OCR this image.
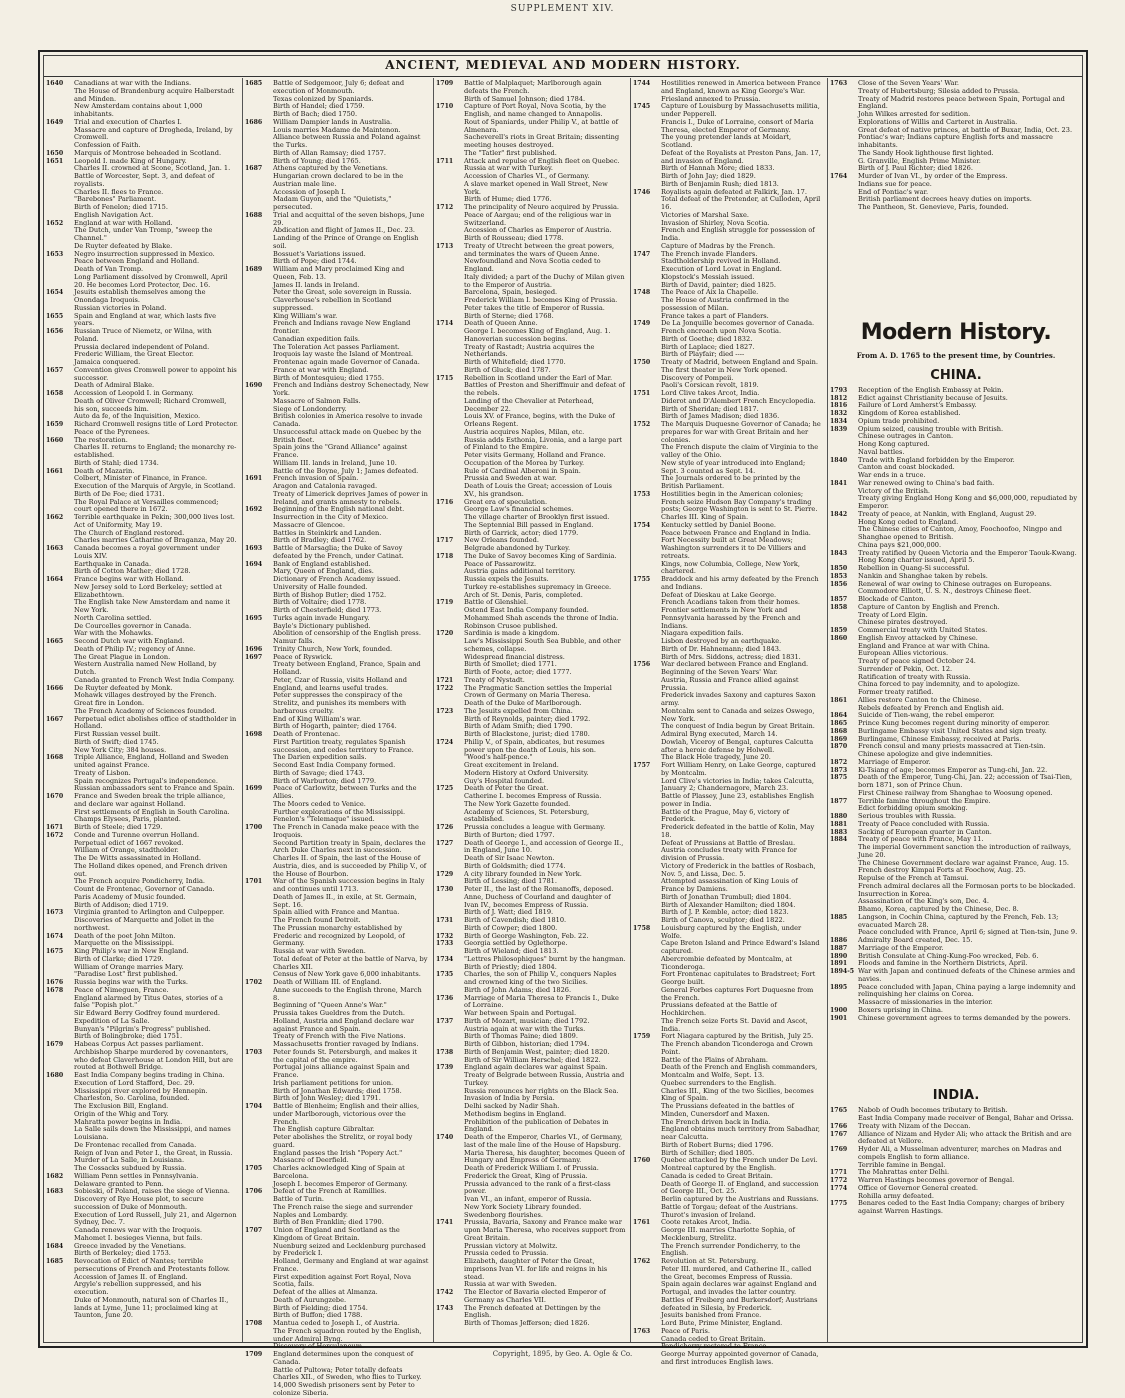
SUPPLEMENT XIV.
ANCIENT, MEDIEVAL AND MODERN HISTORY.
1640	Canadians at war with the Indians.
The House of Brandenburg acquire Halberstadt and Minden.
New Amsterdam contains about 1,000 inhabitants.
1649	Trial and execution of Charles I.
Massacre and capture of Drogheda, Ireland, by Cromwell.
Confession of Faith.
1650	Marquis of Montrose beheaded in Scotland.
1651	Leopold I. made King of Hungary.
Charles II. crowned at Scone, Scotland, Jan. 1.
Battle of Worcester, Sept. 3, and defeat of royalists.
Charles II. flees to France.
"Barebones" Parliament.
Birth of Fenelon; died 1715.
English Navigation Act.
1652	England at war with Holland.
The Dutch, under Van Tromp, "sweep the Channel."
De Ruyter defeated by Blake.
1653	Negro insurrection suppressed in Mexico.
Peace between England and Holland.
Death of Van Tromp.
Long Parliament dissolved by Cromwell, April 20. He becomes Lord Protector, Dec. 16.
1654	Jesuits establish themselves among the Onondaga Iroquois.
Russian victories in Poland.
1655	Spain and England at war, which lasts five years.
1656	Russian Truce of Niemetz, or Wilna, with Poland.
Prussia declared independent of Poland.
Frederic William, the Great Elector.
Jamaica conquered.
1657	Convention gives Cromwell power to appoint his successor.
Death of Admiral Blake.
1658	Accession of Leopold I. in Germany.
Death of Oliver Cromwell; Richard Cromwell, his son, succeeds him.
Auto da fe, of the Inquisition, Mexico.
1659	Richard Cromwell resigns title of Lord Protector.
Peace of the Pyrenees.
1660	The restoration.
Charles II. returns to England; the monarchy re-established.
Birth of Stahl; died 1734.
1661	Death of Mazarin.
Colbert, Minister of Finance, in France.
Execution of the Marquis of Argyle, in Scotland.
Birth of De Foe; died 1731.
The Royal Palace at Versailles commenced; court opened there in 1672.
1662	Terrible earthquake in Pekin; 300,000 lives lost.
Act of Uniformity, May 19.
The Church of England restored.
Charles marries Catharine of Braganza, May 20.
1663	Canada becomes a royal government under Louis XIV.
Earthquake in Canada.
Birth of Cotton Mather; died 1728.
1664	France begins war with Holland.
New Jersey sold to Lord Berkeley; settled at Elizabethtown.
The English take New Amsterdam and name it New York.
North Carolina settled.
De Courcelles governor in Canada.
War with the Mohawks.
1665	Second Dutch war with England.
Death of Philip IV.; regency of Anne.
The Great Plague in London.
Western Australia named New Holland, by Dutch.
Canada granted to French West India Company.
1666	De Ruyter defeated by Monk.
Mohawk villages destroyed by the French.
Great fire in London.
The French Academy of Sciences founded.
1667	Perpetual edict abolishes office of stadtholder in Holland.
First Russian vessel built.
Birth of Swift; died 1745.
New York City; 384 houses.
1668	Triple Alliance, England, Holland and Sweden united against France.
Treaty of Lisbon.
Spain recognizes Portugal's independence.
Russian ambassadors sent to France and Spain.
1670	France and Sweden break the triple alliance, and declare war against Holland.
First settlements of English in South Carolina.
Champs Elysees, Paris, planted.
1671	Birth of Steele; died 1729.
1672	Conde and Turenne overrun Holland.
Perpetual edict of 1667 revoked.
William of Orange, stadtholder.
The De Witts assassinated in Holland.
The Holland dikes opened, and French driven out.
The French acquire Pondicherry, India.
Count de Frontenac, Governor of Canada.
Paris Academy of Music founded.
Birth of Addison; died 1719.
1673	Virginia granted to Arlington and Culpepper.
Discoveries of Marquette and Joliet in the northwest.
1674	Death of the poet John Milton.
Marquette on the Mississippi.
1675	King Philip's war in New England.
Birth of Clarke; died 1729.
William of Orange marries Mary.
"Paradise Lost" first published.
1676	Russia begins war with the Turks.
1678	Peace of Nimeguen, France.
England alarmed by Titus Oates, stories of a false "Popish plot."
Sir Edward Berry Godfrey found murdered.
Expedition of La Salle.
Bunyan's "Pilgrim's Progress" published.
Birth of Bolingbroke; died 1751.
1679	Habeas Corpus Act passes parliament.
Archbishop Sharpe murdered by covenanters, who defeat Claverhouse at London Hill, but are routed at Bothwell Bridge.
1680	East India Company begins trading in China.
Execution of Lord Stafford, Dec. 29.
Mississippi river explored by Hennepin.
Charleston, So. Carolina, founded.
The Exclusion Bill, England.
Origin of the Whig and Tory.
Mahratta power begins in India.
La Salle sails down the Mississippi, and names Louisiana.
De Frontenac recalled from Canada.
Reign of Ivan and Peter I., the Great, in Russia.
Murder of La Salle, in Louisiana.
The Cossacks subdued by Russia.
1682	William Penn settles in Pennsylvania.
Delaware granted to Penn.
1683	Sobieski, of Poland, raises the siege of Vienna.
Discovery of Rye House plot, to secure succession of Duke of Monmouth.
Execution of Lord Russell, July 21, and Algernon Sydney, Dec. 7.
Canada renews war with the Iroquois.
Mahomet I. besieges Vienna, but fails.
1684	Greece invaded by the Venetians.
Birth of Berkeley; died 1753.
1685	Revocation of Edict of Nantes; terrible persecutions of French and Protestants follow.
Accession of James II. of England.
Argyle's rebellion suppressed, and his execution.
Duke of Monmouth, natural son of Charles II., lands at Lyme, June 11; proclaimed king at Taunton, June 20.
1685	Battle of Sedgemoor, July 6; defeat and execution of Monmouth.
Texas colonized by Spaniards.
Birth of Handel; died 1759.
Birth of Bach; died 1750.
1686	William Dampier lands in Australia.
Louis marries Madame de Maintenon.
Alliance between Russia and Poland against the Turks.
Birth of Allan Ramsay; died 1757.
Birth of Young; died 1765.
1687	Athens captured by the Venetians.
Hungarian crown declared to be in the Austrian male line.
Accession of Joseph I.
Madam Guyon, and the "Quietists," persecuted.
1688	Trial and acquittal of the seven bishops, June 29.
Abdication and flight of James II., Dec. 23.
Landing of the Prince of Orange on English soil.
Bossuet's Variations issued.
Birth of Pope; died 1744.
1689	William and Mary proclaimed King and Queen, Feb. 13.
James II. lands in Ireland.
Peter the Great, sole sovereign in Russia.
Claverhouse's rebellion in Scotland suppressed.
King William's war.
French and Indians ravage New England frontier.
Canadian expedition fails.
The Toleration Act passes Parliament.
Iroquois lay waste the Island of Montreal.
Frontenac again made Governor of Canada.
France at war with England.
Birth of Montesquieu; died 1755.
1690	French and Indians destroy Schenectady, New York.
Massacre of Salmon Falls.
Siege of Londonderry.
British colonies in America resolve to invade Canada.
Unsuccessful attack made on Quebec by the British fleet.
Spain joins the "Grand Alliance" against France.
William III. lands in Ireland, June 10.
Battle of the Boyne, July 1; James defeated.
1691	French invasion of Spain.
Aragon and Catalonia ravaged.
Treaty of Limerick deprives James of power in Ireland, and grants amnesty to rebels.
1692	Beginning of the English national debt.
Insurrection in the City of Mexico.
Massacre of Glencoe.
Battles in Steinkirk and Landen.
Birth of Bradley; died 1762.
1693	Battle of Marsaglia; the Duke of Savoy defeated by the French, under Catinat.
1694	Bank of England established.
Mary, Queen of England, dies.
Dictionary of French Academy issued.
University of Halle founded.
Birth of Bishop Butler; died 1752.
Birth of Voltaire; died 1778.
Birth of Chesterfield; died 1773.
1695	Turks again invade Hungary.
Bayle's Dictionary published.
Abolition of censorship of the English press.
Namur falls.
1696	Trinity Church, New York, founded.
1697	Peace of Ryswick.
Treaty between England, France, Spain and Holland.
Peter, Czar of Russia, visits Holland and England, and learns useful trades.
Peter suppresses the conspiracy of the Strelitz, and punishes its members with barbarous cruelty.
End of King William's war.
Birth of Hogarth, painter; died 1764.
1698	Death of Frontenac.
First Partition treaty, regulates Spanish succession, and cedes territory to France.
The Darien expedition sails.
Second East India Company formed.
Birth of Savage; died 1743.
Birth of Warburton; died 1779.
1699	Peace of Carlowitz, between Turks and the Allies.
The Moors ceded to Venice.
Further explorations of the Mississippi.
Fenelon's "Telemaque" issued.
1700	The French in Canada make peace with the Iroquois.
Second Partition treaty in Spain, declares the Arch Duke Charles next in succession.
Charles II. of Spain, the last of the House of Austria, dies, and is succeeded by Philip V., of the House of Bourbon.
1701	War of the Spanish succession begins in Italy and continues until 1713.
Death of James II., in exile, at St. Germain, Sept. 16.
Spain allied with France and Mantua.
The French found Detroit.
The Prussian monarchy established by Frederic and recognized by Leopold, of Germany.
Russia at war with Sweden.
Total defeat of Peter at the battle of Narva, by Charles XII.
Census of New York gave 6,000 inhabitants.
1702	Death of William III. of England.
Anne succeeds to the English throne, March 8.
Beginning of "Queen Anne's War."
Prussia takes Gueldres from the Dutch.
Holland, Austria and England declare war against France and Spain.
Treaty of French with the Five Nations.
Massachusetts frontier ravaged by Indians.
1703	Peter founds St. Petersburgh, and makes it the capital of the empire.
Portugal joins alliance against Spain and France.
Irish parliament petitions for union.
Birth of Jonathan Edwards; died 1758.
Birth of John Wesley; died 1791.
1704	Battle of Blenheim; English and their allies, under Marlborough, victorious over the French.
The English capture Gibraltar.
Peter abolishes the Strelitz, or royal body guard.
England passes the Irish "Popery Act."
Massacre of Deerfield.
1705	Charles acknowledged King of Spain at Barcelona.
Joseph I. becomes Emperor of Germany.
1706	Defeat of the French at Ramillies.
Battle of Turin.
The French raise the siege and surrender Naples and Lombardy.
Birth of Ben Franklin; died 1790.
1707	Union of England and Scotland as the Kingdom of Great Britain.
Nuenburg seized and Lecklenburg purchased by Frederick I.
Holland, Germany and England at war against France.
First expedition against Fort Royal, Nova Scotia, fails.
Defeat of the allies at Almanza.
Death of Aurungzebe.
Birth of Fielding; died 1754.
Birth of Buffon; died 1788.
1708	Mantua ceded to Joseph I., of Austria.
The French squadron routed by the English, under Admiral Byng.
Discovery of Herculaneum.
1709	England determines upon the conquest of Canada.
Battle of Pultowa; Peter totally defeats Charles XII., of Sweden, who flies to Turkey.
14,000 Swedish prisoners sent by Peter to colonize Siberia.
1709	Battle of Malplaquet; Marlborough again defeats the French.
Birth of Samuel Johnson; died 1784.
1710	Capture of Port Royal, Nova Scotia, by the English, and name changed to Annapolis.
Rout of Spaniards, under Philip V., at battle of Almenara.
Sacheverell's riots in Great Britain; dissenting meeting houses destroyed.
The "Tatler" first published.
1711	Attack and repulse of English fleet on Quebec.
Russia at war with Turkey.
Accession of Charles VI., of Germany.
A slave market opened in Wall Street, New York.
Birth of Hume; died 1776.
1712	The principality of Neuro acquired by Prussia.
Peace of Aargau; end of the religious war in Switzerland.
Accession of Charles as Emperor of Austria.
Birth of Rousseau; died 1778.
1713	Treaty of Utrecht between the great powers, and terminates the wars of Queen Anne.
Newfoundland and Nova Scotia ceded to England.
Italy divided; a part of the Duchy of Milan given to the Emperor of Austria.
Barcelona, Spain, besieged.
Frederick William I. becomes King of Prussia.
Peter takes the title of Emperor of Russia.
Birth of Sterne; died 1768.
1714	Death of Queen Anne.
George I. becomes King of England, Aug. 1.
Hanoverian succession begins.
Treaty of Rastadt; Austria acquires the Netherlands.
Birth of Whitefield; died 1770.
Birth of Gluck; died 1787.
1715	Rebellion in Scotland under the Earl of Mar.
Battles of Preston and Sheriffmuir and defeat of the rebels.
Landing of the Chevalier at Peterhead, December 22.
Louis XV. of France, begins, with the Duke of Orleans Regent.
Austria acquires Naples, Milan, etc.
Russia adds Esthonia, Livonia, and a large part of Finland to the Empire.
Peter visits Germany, Holland and France.
Occupation of the Morea by Turkey.
Rule of Cardinal Alberoni in Spain.
Prussia and Sweden at war.
Death of Louis the Great; accession of Louis XV., his grandson.
1716	Great era of speculation.
George Law's financial schemes.
The village charter of Brooklyn first issued.
The Septennial Bill passed in England.
Birth of Garrick, actor; died 1779.
1717	New Orleans founded.
Belgrade abandoned by Turkey.
1718	The Duke of Savoy becomes King of Sardinia.
Peace of Passarowitz.
Austria gains additional territory.
Russia expels the Jesuits.
Turkey re-establishes supremacy in Greece.
Arch of St. Denis, Paris, completed.
1719	Battle of Glenshiel.
Ostend East India Company founded.
Mohammed Shah ascends the throne of India.
Robinson Crusoe published.
1720	Sardinia is made a kingdom.
Law's Mississippi South Sea Bubble, and other schemes, collapse.
Widespread financial distress.
Birth of Smollet; died 1771.
Birth of Foote, actor; died 1777.
1721	Treaty of Nystadt.
1722	The Pragmatic Sanction settles the Imperial Crown of Germany on Maria Theresa.
Death of the Duke of Marlborough.
1723	The Jesuits expelled from China.
Birth of Reynolds, painter; died 1792.
Birth of Adam Smith; died 1790.
Birth of Blackstone, jurist; died 1780.
1724	Philip V., of Spain, abdicates, but resumes power upon the death of Louis, his son.
"Wood's half-pence."
Great excitement in Ireland.
Modern History at Oxford University.
Guy's Hospital founded.
1725	Death of Peter the Great.
Catherine I. becomes Empress of Russia.
The New York Gazette founded.
Academy of Sciences, St. Petersburg, established.
1726	Prussia concludes a league with Germany.
Birth of Burton; died 1797.
1727	Death of George I., and accession of George II., in England, June 10.
Death of Sir Isaac Newton.
Birth of Goldsmith; died 1774.
1729	A city library founded in New York.
Birth of Lessing; died 1781.
1730	Peter II., the last of the Romanoffs, deposed.
Anne, Duchess of Courland and daughter of Ivan IV., becomes Empress of Russia.
Birth of J. Watt; died 1819.
1731	Birth of Cavendish; died 1810.
Birth of Cowper; died 1800.
1732	Birth of George Washington, Feb. 22.
1733	Georgia settled by Oglethorpe.
Birth of Wieland; died 1813.
1734	"Lettres Philosophiques" burnt by the hangman.
Birth of Priestly; died 1804.
1735	Charles, the son of Philip V., conquers Naples and crowned king of the two Sicilies.
Birth of John Adams; died 1826.
1736	Marriage of Maria Theresa to Francis I., Duke of Lorraine.
War between Spain and Portugal.
1737	Birth of Mozart, musician; died 1792.
Austria again at war with the Turks.
Birth of Thomas Paine; died 1809.
Birth of Gibbon, historian; died 1794.
1738	Birth of Benjamin West, painter; died 1820.
Birth of Sir William Herschel; died 1822.
1739	England again declares war against Spain.
Treaty of Belgrade between Russia, Austria and Turkey.
Russia renounces her rights on the Black Sea.
Invasion of India by Persia.
Delhi sacked by Nadir Shah.
Methodism begins in England.
Prohibition of the publication of Debates in England.
1740	Death of the Emperor, Charles VI., of Germany, last of the male line of the House of Hapsburg.
Maria Theresa, his daughter, becomes Queen of Hungary and Empress of Germany.
Death of Frederick William I. of Prussia.
Frederick the Great, King of Prussia.
Prussia advanced to the rank of a first-class power.
Ivan VI., an infant, emperor of Russia.
New York Society Library founded.
Swedenborg flourishes.
1741	Prussia, Bavaria, Saxony and France make war upon Maria Theresa, who receives support from Great Britain.
Prussian victory at Molwitz.
Prussia ceded to Prussia.
Elizabeth, daughter of Peter the Great, imprisons Ivan VI. for life and reigns in his stead.
Russia at war with Sweden.
1742	The Elector of Bavaria elected Emperor of Germany as Charles VII.
1743	The French defeated at Dettingen by the English.
Birth of Thomas Jefferson; died 1826.
1744	Hostilities renewed in America between France and England, known as King George's War.
Friesland annexed to Prussia.
1745	Capture of Louisburg by Massachusetts militia, under Pepperell.
Francis I., Duke of Lorraine, consort of Maria Theresa, elected Emperor of Germany.
The young pretender lands at Moidart, Scotland.
Defeat of the Royalists at Preston Pans, Jan. 17, and invasion of England.
Birth of Hannah More; died 1833.
Birth of John Jay; died 1829.
Birth of Benjamin Rush; died 1813.
1746	Royalists again defeated at Falkirk, Jan. 17.
Total defeat of the Pretender, at Culloden, April 16.
Victories of Marshal Saxe.
Invasion of Shirley, Nova Scotia.
French and English struggle for possession of India.
Capture of Madras by the French.
1747	The French invade Flanders.
Stadtholdership revived in Holland.
Execution of Lord Lovat in England.
Klopstock's Messiah issued.
Birth of David, painter; died 1825.
1748	The Peace of Aix la Chapelle.
The House of Austria confirmed in the possession of Milan.
France takes a part of Flanders.
1749	De La Jonquille becomes governor of Canada.
French encroach upon Nova Scotia.
Birth of Goethe; died 1832.
Birth of Laplace; died 1827.
Birth of Playfair; died ----
1750	Treaty of Madrid, between England and Spain.
The first theater in New York opened.
Discovery of Pompeii.
Paoli's Corsican revolt, 1819.
1751	Lord Clive takes Arcot, India.
Diderot and D'Alembert French Encyclopedia.
Birth of Sheridan; died 1817.
Birth of James Madison; died 1836.
1752	The Marquis Duquesne Governor of Canada; he prepares for war with Great Britain and her colonies.
The French dispute the claim of Virginia to the valley of the Ohio.
New style of year introduced into England; Sept. 3 counted as Sept. 14.
The Journals ordered to be printed by the British Parliament.
1753	Hostilities begin in the American colonies; French seize Hudson Bay Company's trading posts; George Washington is sent to St. Pierre.
Charles III. King of Spain.
1754	Kentucky settled by Daniel Boone.
Peace between France and England in India.
Fort Necessity built at Great Meadows; Washington surrenders it to De Villiers and retreats.
Kings, now Columbia, College, New York, chartered.
1755	Braddock and his army defeated by the French and Indians.
Defeat of Dieskau at Lake George.
French Acadians taken from their homes.
Frontier settlements in New York and Pennsylvania harassed by the French and Indians.
Niagara expedition fails.
Lisbon destroyed by an earthquake.
Birth of Dr. Hahnemann; died 1843.
Birth of Mrs. Siddons, actress; died 1831.
1756	War declared between France and England.
Beginning of the Seven Years' War.
Austria, Russia and France allied against Prussia.
Frederick invades Saxony and captures Saxon army.
Montcalm sent to Canada and seizes Oswego, New York.
The conquest of India begun by Great Britain.
Admiral Byng executed, March 14.
Dowlah, Viceroy of Bengal, captures Calcutta after a heroic defense by Holwell.
The Black Hole tragedy, June 20.
1757	Fort William Henry, on Lake George, captured by Montcalm.
Lord Clive's victories in India; takes Calcutta, January 2; Chandernagore, March 23.
Battle of Plassey, June 23, establishes English power in India.
Battle of the Prague, May 6, victory of Frederick.
Frederick defeated in the battle of Kolin, May 18.
Defeat of Prussians at Battle of Breslau.
Austria concludes treaty with France for division of Prussia.
Victory of Frederick in the battles of Rosbach, Nov. 5, and Lissa, Dec. 5.
Attempted assassination of King Louis of France by Damiens.
Birth of Jonathan Trumbull; died 1804.
Birth of Alexander Hamilton; died 1804.
Birth of J. P. Kemble, actor; died 1823.
Birth of Canova, sculptor; died 1822.
1758	Louisburg captured by the English, under Wolfe.
Cape Breton Island and Prince Edward's Island captured.
Abercrombie defeated by Montcalm, at Ticonderoga.
Fort Frontenac capitulates to Bradstreet; Fort George built.
General Forbes captures Fort Duquesne from the French.
Prussians defeated at the Battle of Hochkirchen.
The French seize Forts St. David and Ascot, India.
1759	Fort Niagara captured by the British, July 25.
The French abandon Ticonderoga and Crown Point.
Battle of the Plains of Abraham.
Death of the French and English commanders, Montcalm and Wolfe, Sept. 13.
Quebec surrenders to the English.
Charles III., King of the two Sicilies, becomes King of Spain.
The Prussians defeated in the battles of Minden, Cunersdorf and Maxen.
The French driven back in India.
England obtains much territory from Sabadhar, near Calcutta.
Birth of Robert Burns; died 1796.
Birth of Schiller; died 1805.
1760	Quebec attacked by the French under De Levi.
Montreal captured by the English.
Canada is ceded to Great Britain.
Death of George II. of England, and succession of George III., Oct. 25.
Berlin captured by the Austrians and Russians.
Battle of Torgau; defeat of the Austrians.
Thurot's invasion of Ireland.
1761	Coote retakes Arcot, India.
George III. marries Charlotte Sophia, of Mecklenburg, Strelitz.
The French surrender Pondicherry, to the English.
1762	Revolution at St. Petersburg.
Peter III. murdered, and Catherine II., called the Great, becomes Empress of Russia.
Spain again declares war against England and Portugal, and invades the latter country.
Battles of Freiberg and Burkersdorf; Austrians defeated in Silesia, by Frederick.
Jesuits banished from France.
Lord Bute, Prime Minister, England.
1763	Peace of Paris.
Canada ceded to Great Britain.
Pondicherry restored to France.
George Murray appointed governor of Canada, and first introduces English laws.
1763	Close of the Seven Years' War.
Treaty of Hubertsburg; Silesia added to Prussia.
Treaty of Madrid restores peace between Spain, Portugal and England.
John Wilkes arrested for sedition.
Explorations of Willis and Carteret in Australia.
Great defeat of native princes, at battle of Buxar, India, Oct. 23.
Pontiac's war; Indians capture English forts and massacre inhabitants.
The Sandy Hook lighthouse first lighted.
G. Granville, English Prime Minister.
Birth of J. Paul Richter; died 1826.
1764	Murder of Ivan VI., by order of the Empress.
Indians sue for peace.
End of Pontiac's war.
British parliament decrees heavy duties on imports.
The Pantheon, St. Genevieve, Paris, founded.
Modern History.
From A. D. 1765 to the present time, by Countries.
CHINA.
1793	Reception of the English Embassy at Pekin.
1812	Edict against Christianity because of Jesuits.
1816	Failure of Lord Amherst's Embassy.
1832	Kingdom of Korea established.
1834	Opium trade prohibited.
1839	Opium seized, causing trouble with British.
Chinese outrages in Canton.
Hong Kong captured.
Naval battles.
1840	Trade with England forbidden by the Emperor.
Canton and coast blockaded.
War ends in a truce.
1841	War renewed owing to China's bad faith.
Victory of the British.
Treaty giving England Hong Kong and $6,000,000, repudiated by Emperor.
1842	Treaty of peace, at Nankin, with England, August 29.
Hong Kong ceded to England.
The Chinese cities of Canton, Amoy, Foochoofoo, Ningpo and Shanghae opened to British.
China pays $21,000,000.
1843	Treaty ratified by Queen Victoria and the Emperor Taouk-Kwang.
Hong Kong charter issued, April 5.
1850	Rebellion in Quang-Si successful.
1853	Nankin and Shanghae taken by rebels.
1856	Renewal of war owing to Chinese outrages on Europeans.
Commodore Elliott, U. S. N., destroys Chinese fleet.
1857	Blockade of Canton.
1858	Capture of Canton by English and French.
Treaty of Lord Elgin.
Chinese pirates destroyed.
1859	Commercial treaty with United States.
1860	English Envoy attacked by Chinese.
England and France at war with China.
European Allies victorious.
Treaty of peace signed October 24.
Surrender of Pekin, Oct. 12.
Ratification of treaty with Russia.
China forced to pay indemnity, and to apologize.
Former treaty ratified.
1861	Allies restore Canton to the Chinese.
Rebels defeated by French and English aid.
1864	Suicide of Tien-wang, the rebel emperor.
1865	Prince Kung becomes regent during minority of emperor.
1868	Burlingame Embassy visit United States and sign treaty.
1869	Burlingame, Chinese Embassy, received at Paris.
1870	French consul and many priests massacred at Tien-tsin.
Chinese apologize and give indemnities.
1872	Marriage of Emperor.
1873	Ki-Tsiang of age; becomes Emperor as Tung-chi, Jan. 22.
1875	Death of the Emperor, Tung-Chi, Jan. 22; accession of Tsai-Tien, born 1871, son of Prince Chun.
First Chinese railway from Shanghae to Woosung opened.
1877	Terrible famine throughout the Empire.
Edict forbidding opium smoking.
1880	Serious troubles with Russia.
1881	Treaty of Peace concluded with Russia.
1883	Sacking of European quarter in Canton.
1884	Treaty of peace with France, May 11.
The imperial Government sanction the introduction of railways, June 20.
The Chinese Government declare war against France, Aug. 15.
French destroy Kimpai Forts at Foochow, Aug. 25.
Repulse of the French at Tamsui.
French admiral declares all the Formosan ports to be blockaded.
Insurrection in Korea.
Assassination of the King's son, Dec. 4.
Bhamo, Korea, captured by the Chinese, Dec. 8.
1885	Langson, in Cochin China, captured by the French, Feb. 13; evacuated March 28.
Peace concluded with France, April 6; signed at Tien-tsin, June 9.
1886	Admiralty Board created, Dec. 15.
1887	Marriage of the Emperor.
1890	British Consulate at Ching-Kung-Foo wrecked, Feb. 6.
1891	Floods and famine in the Northern Districts, April.
1894-5 War with Japan and continued defeats of the Chinese armies and navies.
1895	Peace concluded with Japan, China paying a large indemnity and relinquishing her claims on Corea.
Massacre of missionaries in the interior.
1900	Boxers uprising in China.
1901	Chinese government agrees to terms demanded by the powers.
INDIA.
1765	Nabob of Oudh becomes tributary to British.
East India Company made receiver of Bengal, Bahar and Orissa.
1766	Treaty with Nizam of the Deccan.
1767	Alliance of Nizam and Hyder Ali; who attack the British and are defeated at Vellore.
1769	Hyder Ali, a Musselman adventurer, marches on Madras and compels English to form alliance.
Terrible famine in Bengal.
1771	The Mahrattas enter Delhi.
1772	Warren Hastings becomes governor of Bengal.
1774	Office of Governor General created.
Rohilla army defeated.
1775	Benares ceded to the East India Company; charges of bribery against Warren Hastings.
Copyright, 1895, by Geo. A. Ogle & Co.
